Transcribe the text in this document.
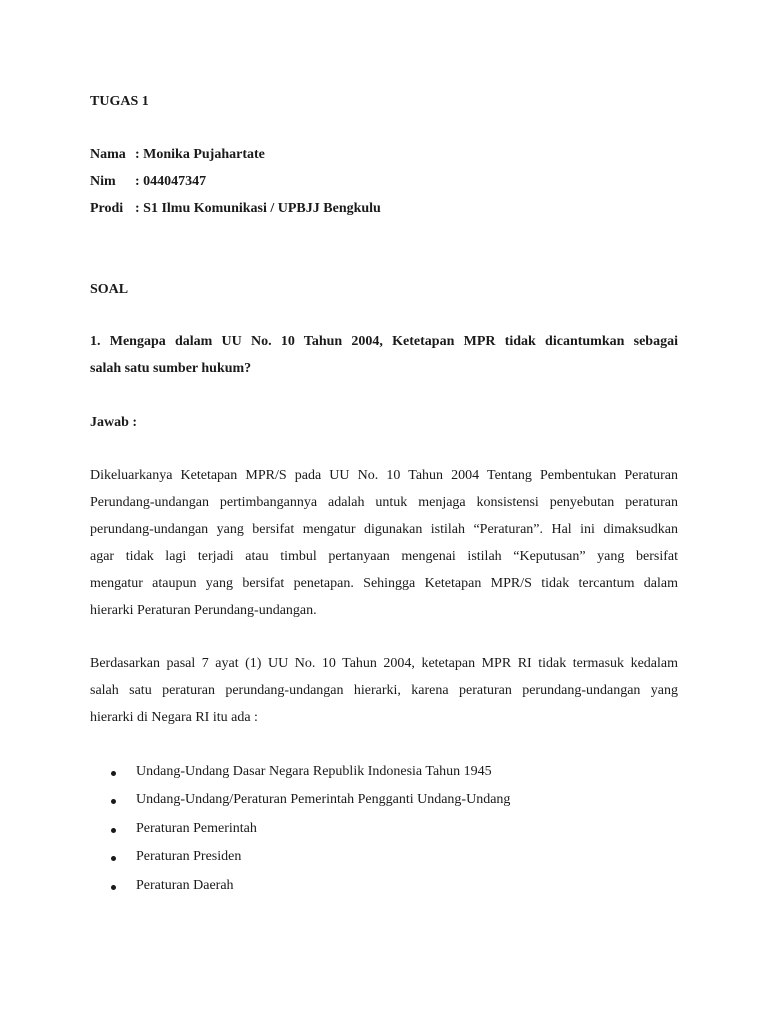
TUGAS 1
Nama : Monika Pujahartate
Nim : 044047347
Prodi : S1 Ilmu Komunikasi / UPBJJ Bengkulu
SOAL
1. Mengapa dalam UU No. 10 Tahun 2004, Ketetapan MPR tidak dicantumkan sebagai
salah satu sumber hukum?
Jawab :
Dikeluarkanya Ketetapan MPR/S pada UU No. 10 Tahun 2004 Tentang Pembentukan Peraturan
Perundang-undangan pertimbangannya adalah untuk menjaga konsistensi penyebutan peraturan
perundang-undangan yang bersifat mengatur digunakan istilah “Peraturan”. Hal ini dimaksudkan
agar tidak lagi terjadi atau timbul pertanyaan mengenai istilah “Keputusan” yang bersifat
mengatur ataupun yang bersifat penetapan. Sehingga Ketetapan MPR/S tidak tercantum dalam
hierarki Peraturan Perundang-undangan.
Berdasarkan pasal 7 ayat (1) UU No. 10 Tahun 2004, ketetapan MPR RI tidak termasuk kedalam
salah satu peraturan perundang-undangan hierarki, karena peraturan perundang-undangan yang
hierarki di Negara RI itu ada :
Undang-Undang Dasar Negara Republik Indonesia Tahun 1945
Undang-Undang/Peraturan Pemerintah Pengganti Undang-Undang
Peraturan Pemerintah
Peraturan Presiden
Peraturan Daerah
